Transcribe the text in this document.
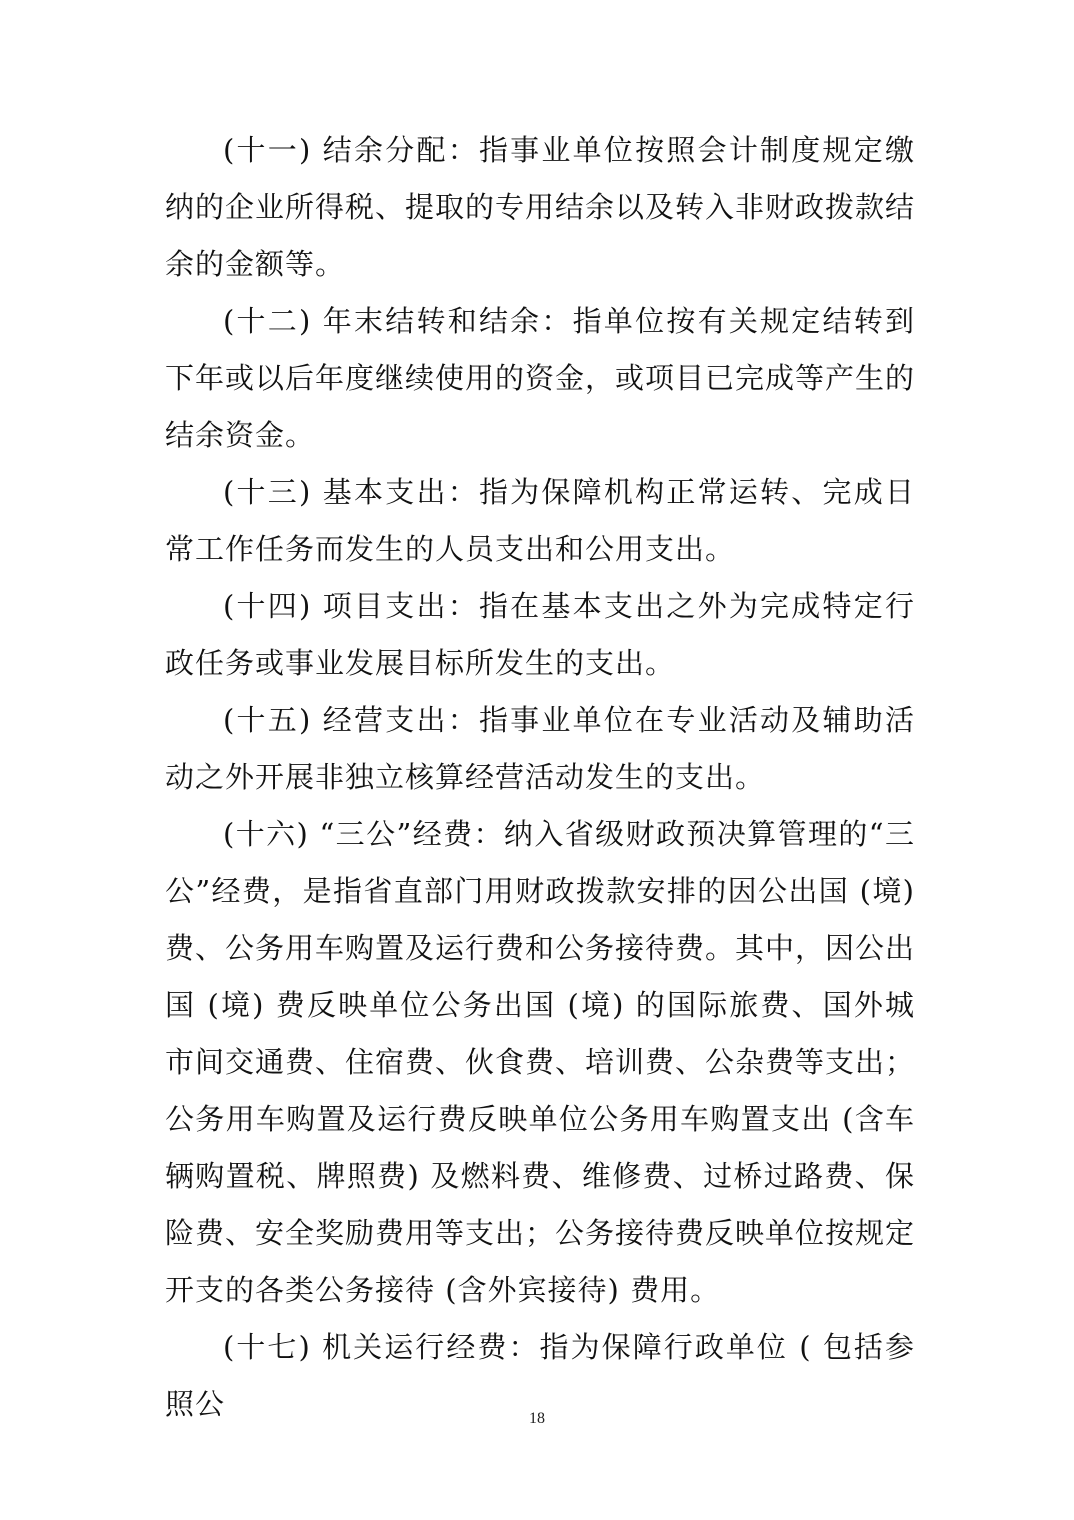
(十一) 结余分配：指事业单位按照会计制度规定缴纳的企业所得税、提取的专用结余以及转入非财政拨款结余的金额等。

(十二) 年末结转和结余：指单位按有关规定结转到下年或以后年度继续使用的资金，或项目已完成等产生的结余资金。

(十三) 基本支出：指为保障机构正常运转、完成日常工作任务而发生的人员支出和公用支出。

(十四) 项目支出：指在基本支出之外为完成特定行政任务或事业发展目标所发生的支出。

(十五) 经营支出：指事业单位在专业活动及辅助活动之外开展非独立核算经营活动发生的支出。

(十六) “三公”经费：纳入省级财政预决算管理的“三公”经费，是指省直部门用财政拨款安排的因公出国 (境) 费、公务用车购置及运行费和公务接待费。其中，因公出国 (境) 费反映单位公务出国 (境) 的国际旅费、国外城市间交通费、住宿费、伙食费、培训费、公杂费等支出；公务用车购置及运行费反映单位公务用车购置支出 (含车辆购置税、牌照费) 及燃料费、维修费、过桥过路费、保险费、安全奖励费用等支出；公务接待费反映单位按规定开支的各类公务接待 (含外宾接待) 费用。

(十七) 机关运行经费：指为保障行政单位 ( 包括参照公	18
